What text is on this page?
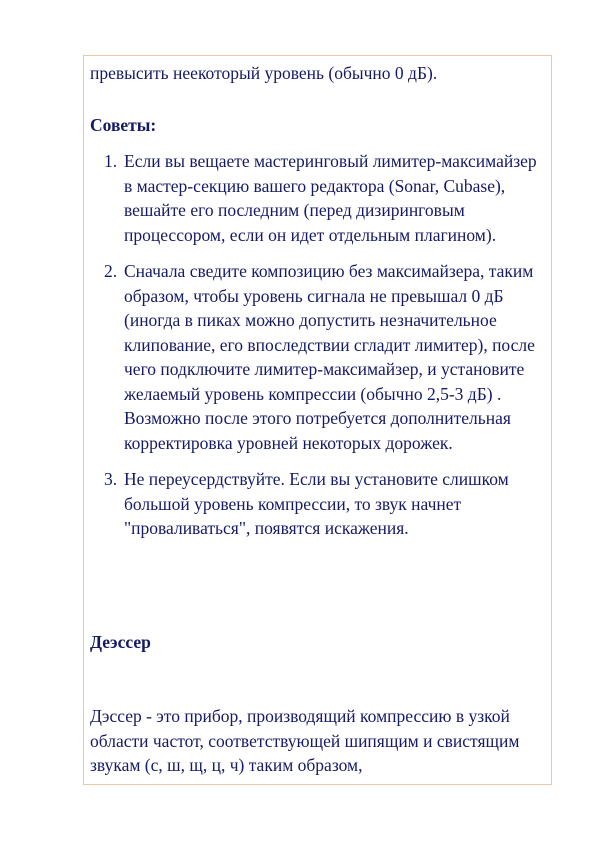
превысить неекоторый уровень (обычно 0 дБ).

Советы:

1. Если вы вещаете мастеринговый лимитер-максимайзер в мастер-секцию вашего редактора (Sonar, Cubase), вешайте его последним (перед дизиринговым процессором, если он идет отдельным плагином).
2. Сначала сведите композицию без максимайзера, таким образом, чтобы уровень сигнала не превышал 0 дБ (иногда в пиках можно допустить незначительное клипование, его впоследствии сгладит лимитер), после чего подключите лимитер-максимайзер, и установите желаемый уровень компрессии (обычно 2,5-3 дБ) . Возможно после этого потребуется дополнительная корректировка уровней некоторых дорожек.
3. Не переусердствуйте. Если вы установите слишком большой уровень компрессии, то звук начнет "проваливаться", появятся искажения.

Деэссер

Дэссер - это прибор, производящий компрессию в узкой области частот, соответствующей шипящим и свистящим звукам (с, ш, щ, ц, ч) таким образом,
